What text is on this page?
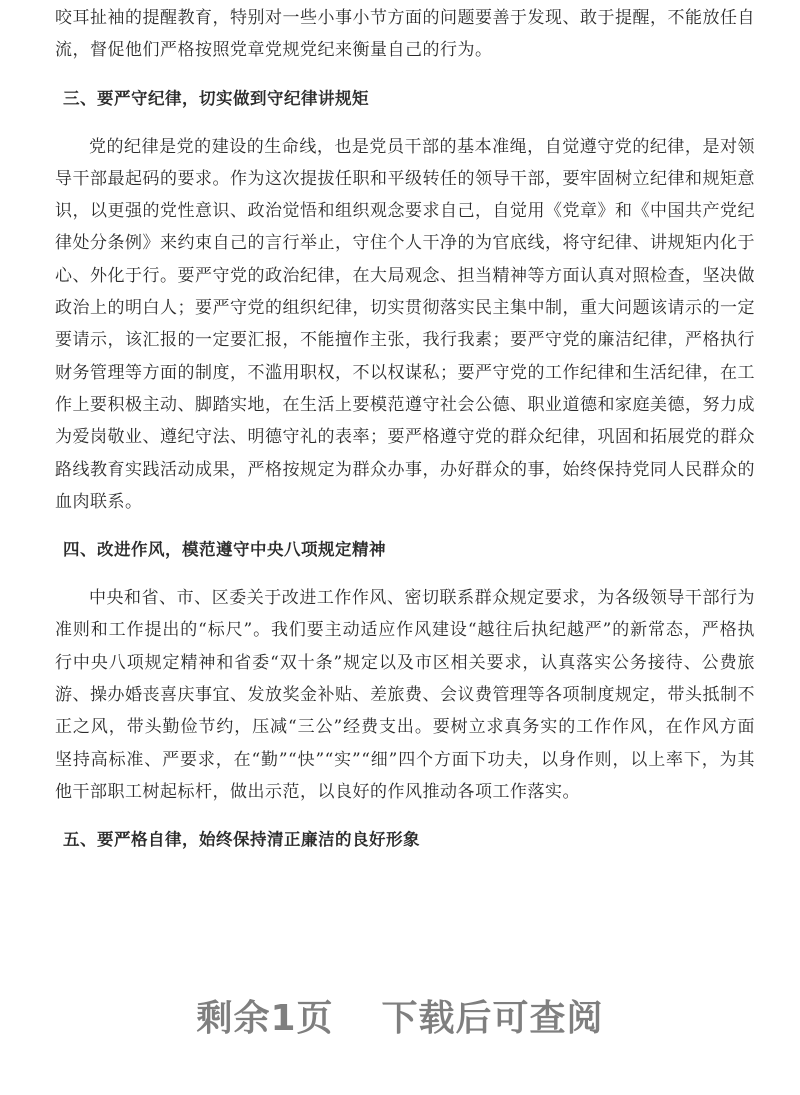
咬耳扯袖的提醒教育，特别对一些小事小节方面的问题要善于发现、敢于提醒，不能放任自流，督促他们严格按照党章党规党纪来衡量自己的行为。

三、要严守纪律，切实做到守纪律讲规矩

党的纪律是党的建设的生命线，也是党员干部的基本准绳，自觉遵守党的纪律，是对领导干部最起码的要求。作为这次提拔任职和平级转任的领导干部，要牢固树立纪律和规矩意识，以更强的党性意识、政治觉悟和组织观念要求自己，自觉用《党章》和《中国共产党纪律处分条例》来约束自己的言行举止，守住个人干净的为官底线，将守纪律、讲规矩内化于心、外化于行。要严守党的政治纪律，在大局观念、担当精神等方面认真对照检查，坚决做政治上的明白人；要严守党的组织纪律，切实贯彻落实民主集中制，重大问题该请示的一定要请示，该汇报的一定要汇报，不能擅作主张，我行我素；要严守党的廉洁纪律，严格执行财务管理等方面的制度，不滥用职权，不以权谋私；要严守党的工作纪律和生活纪律，在工作上要积极主动、脚踏实地，在生活上要模范遵守社会公德、职业道德和家庭美德，努力成为爱岗敬业、遵纪守法、明德守礼的表率；要严格遵守党的群众纪律，巩固和拓展党的群众路线教育实践活动成果，严格按规定为群众办事，办好群众的事，始终保持党同人民群众的血肉联系。

四、改进作风，模范遵守中央八项规定精神

中央和省、市、区委关于改进工作作风、密切联系群众规定要求，为各级领导干部行为准则和工作提出的“标尺”。我们要主动适应作风建设“越往后执纪越严”的新常态，严格执行中央八项规定精神和省委“双十条”规定以及市区相关要求，认真落实公务接待、公费旅游、操办婚丧喜庆事宜、发放奖金补贴、差旅费、会议费管理等各项制度规定，带头抵制不正之风，带头勤俭节约，压减“三公”经费支出。要树立求真务实的工作作风，在作风方面坚持高标准、严要求，在“勤”“快”“实”“细”四个方面下功夫，以身作则，以上率下，为其他干部职工树起标杆，做出示范，以良好的作风推动各项工作落实。

五、要严格自律，始终保持清正廉洁的良好形象

剩余1页 下载后可查阅
